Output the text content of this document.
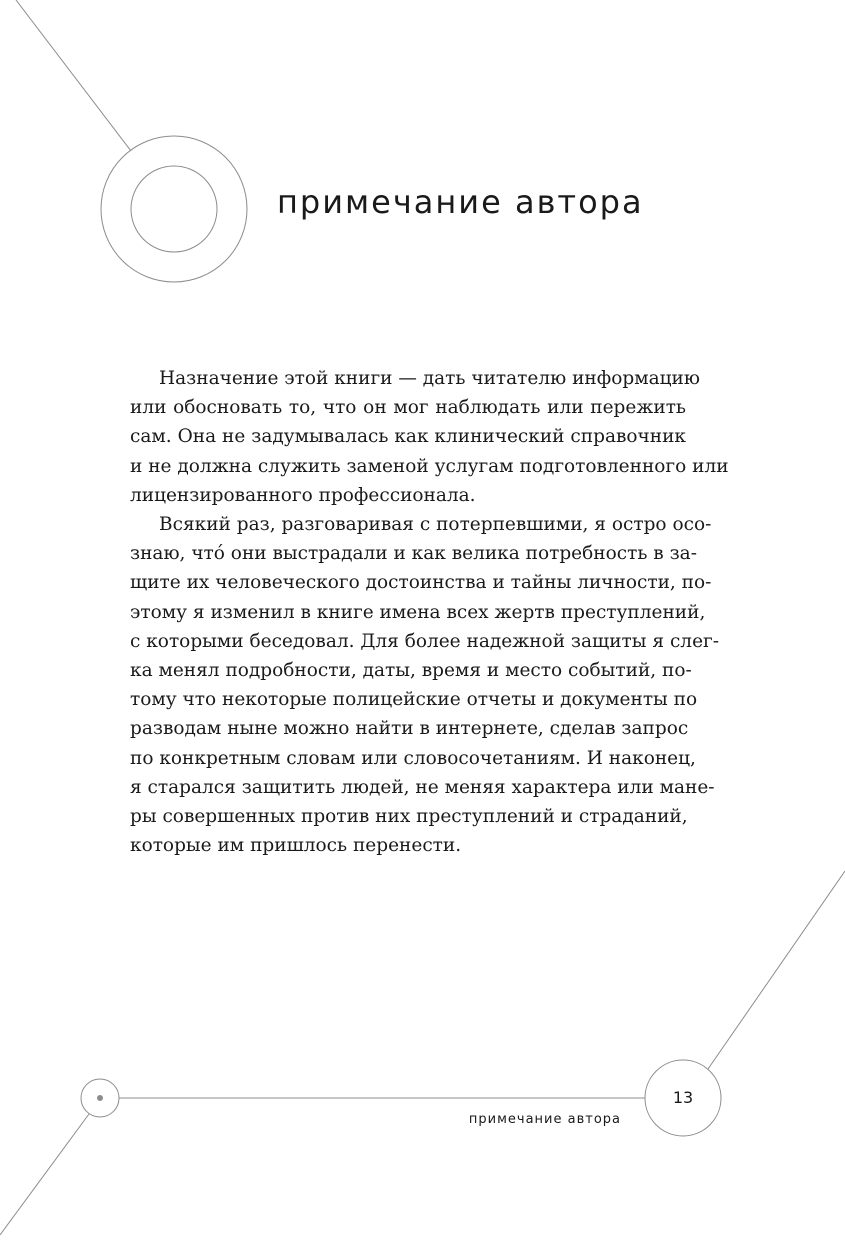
примечание автора

Назначение этой книги — дать читателю информацию
или обосновать то, что он мог наблюдать или пережить
сам. Она не задумывалась как клинический справочник
и не должна служить заменой услугам подготовленного или
лицензированного профессионала.

Всякий раз, разговаривая с потерпевшими, я остро осо-
знаю, что́ они выстрадали и как велика потребность в за-
щите их человеческого достоинства и тайны личности, по-
этому я изменил в книге имена всех жертв преступлений,
с которыми беседовал. Для более надежной защиты я слег-
ка менял подробности, даты, время и место событий, по-
тому что некоторые полицейские отчеты и документы по
разводам ныне можно найти в интернете, сделав запрос
по конкретным словам или словосочетаниям. И наконец,
я старался защитить людей, не меняя характера или мане-
ры совершенных против них преступлений и страданий,
которые им пришлось перенести.

13
примечание автора
